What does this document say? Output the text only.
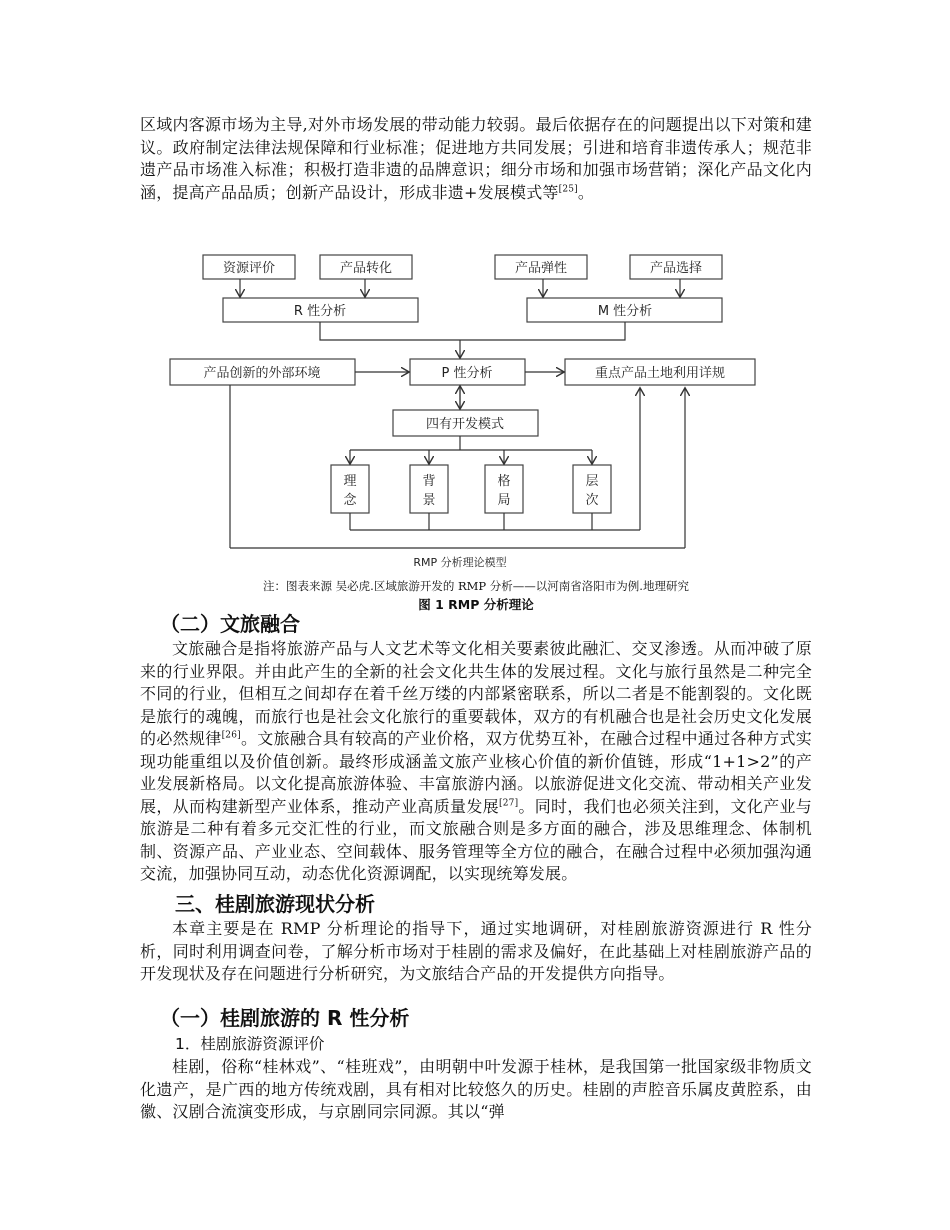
区域内客源市场为主导,对外市场发展的带动能力较弱。最后依据存在的问题提出以下对策和建议。政府制定法律法规保障和行业标准；促进地方共同发展；引进和培育非遗传承人；规范非遗产品市场准入标准；积极打造非遗的品牌意识；细分市场和加强市场营销；深化产品文化内涵，提高产品品质；创新产品设计，形成非遗+发展模式等[25]。

资源评价	产品转化	产品弹性	产品选择
R 性分析	M 性分析
产品创新的外部环境	P 性分析	重点产品土地利用详规
四有开发模式
理
念
背
景
格
局
层
次
RMP 分析理论模型

注：图表来源 吴必虎.区域旅游开发的 RMP 分析——以河南省洛阳市为例.地理研究

图 1 RMP 分析理论

（二）文旅融合

文旅融合是指将旅游产品与人文艺术等文化相关要素彼此融汇、交叉渗透。从而冲破了原来的行业界限。并由此产生的全新的社会文化共生体的发展过程。文化与旅行虽然是二种完全不同的行业，但相互之间却存在着千丝万缕的内部紧密联系，所以二者是不能割裂的。文化既是旅行的魂魄，而旅行也是社会文化旅行的重要载体，双方的有机融合也是社会历史文化发展的必然规律[26]。文旅融合具有较高的产业价格，双方优势互补，在融合过程中通过各种方式实现功能重组以及价值创新。最终形成涵盖文旅产业核心价值的新价值链，形成“1+1>2”的产业发展新格局。以文化提高旅游体验、丰富旅游内涵。以旅游促进文化交流、带动相关产业发展，从而构建新型产业体系，推动产业高质量发展[27]。同时，我们也必须关注到，文化产业与旅游是二种有着多元交汇性的行业，而文旅融合则是多方面的融合，涉及思维理念、体制机制、资源产品、产业业态、空间载体、服务管理等全方位的融合，在融合过程中必须加强沟通交流，加强协同互动，动态优化资源调配，以实现统筹发展。

三、桂剧旅游现状分析

本章主要是在 RMP 分析理论的指导下，通过实地调研，对桂剧旅游资源进行 R 性分析，同时利用调查问卷，了解分析市场对于桂剧的需求及偏好，在此基础上对桂剧旅游产品的开发现状及存在问题进行分析研究，为文旅结合产品的开发提供方向指导。

（一）桂剧旅游的 R 性分析

1．桂剧旅游资源评价

桂剧，俗称“桂林戏”、“桂班戏”，由明朝中叶发源于桂林，是我国第一批国家级非物质文化遗产，是广西的地方传统戏剧，具有相对比较悠久的历史。桂剧的声腔音乐属皮黄腔系，由徽、汉剧合流演变形成，与京剧同宗同源。其以“弹
